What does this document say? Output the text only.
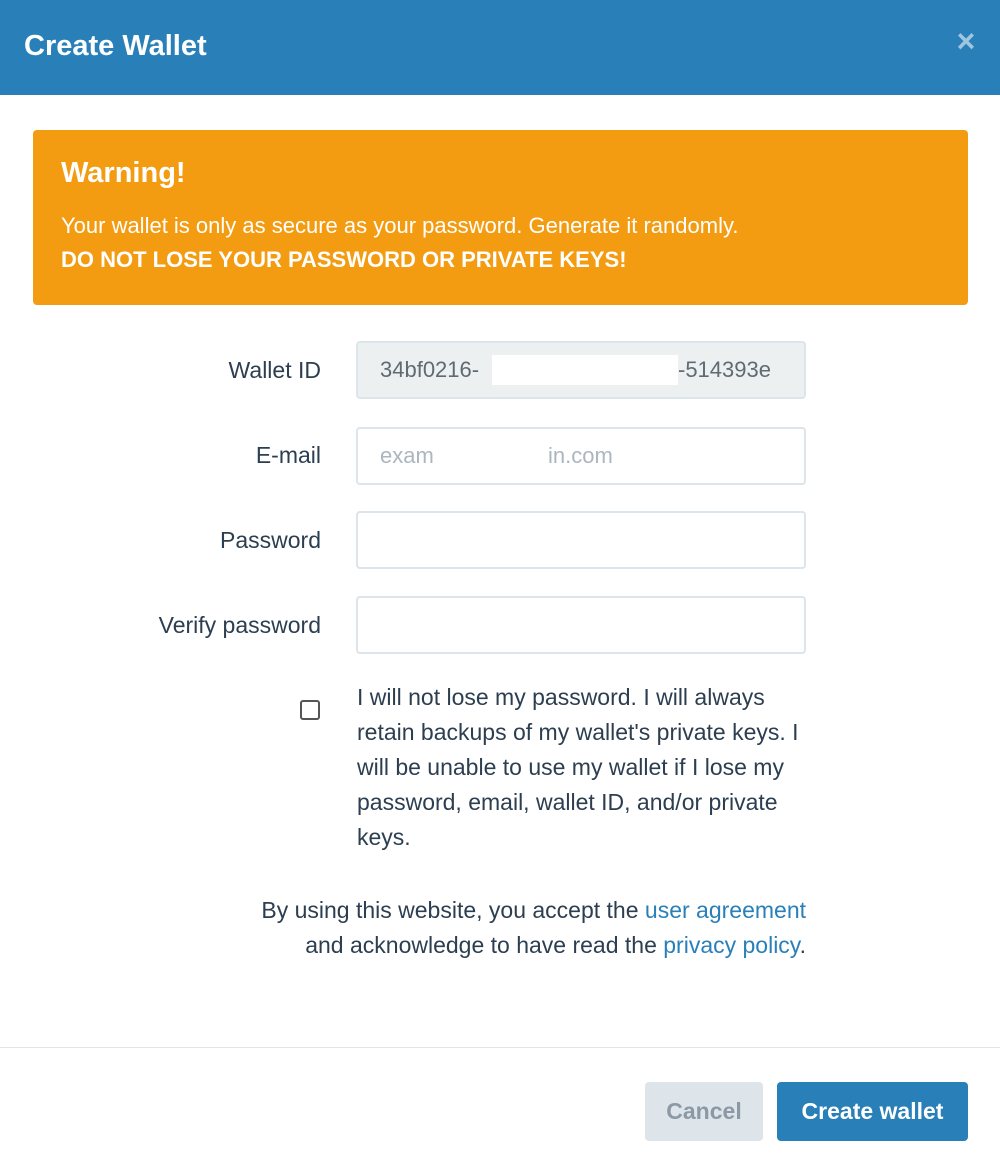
Create Wallet	×
Warning!
Your wallet is only as secure as your password. Generate it randomly.
DO NOT LOSE YOUR PASSWORD OR PRIVATE KEYS!
Wallet ID	34bf0216-	-514393e
E-mail	exam	in.com
Password
Verify password
I will not lose my password. I will always retain backups of my wallet's private keys. I will be unable to use my wallet if I lose my password, email, wallet ID, and/or private keys.
By using this website, you accept the user agreement
and acknowledge to have read the privacy policy.
Cancel	Create wallet
